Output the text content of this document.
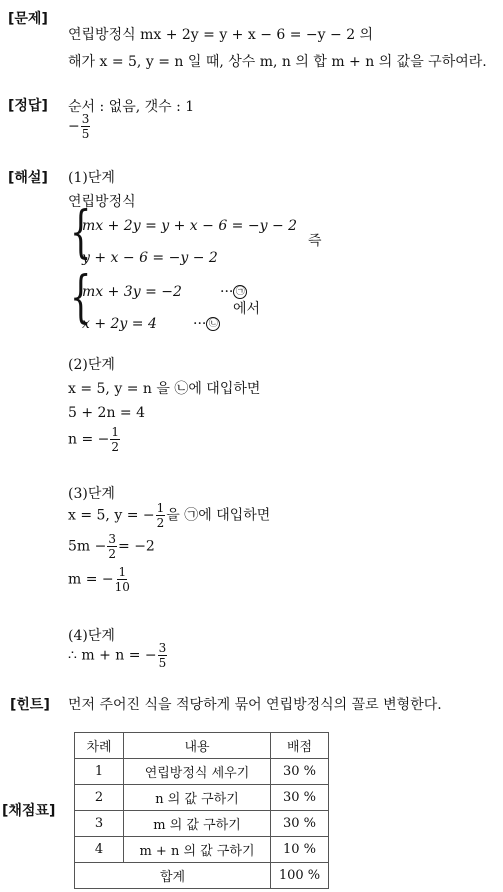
[문제]
[정답]
[해설]
[힌트]
[채점표]
연립방정식 mx + 2y = y + x − 6 = −y − 2 의
해가 x = 5, y = n 일 때, 상수 m, n 의 합 m + n 의 값을 구하여라.
순서 : 없음, 갯수 : 1
− $\frac{3}{5}$
(1)단계
연립방정식
{
mx + 2y = y + x − 6 = −y − 2
y + x − 6 = −y − 2
즉
{
mx + 3y = −2	··· ㉠
x + 2y = 4	··· ㉡
에서
(2)단계
x = 5, y = n 을 ㉡에 대입하면
5 + 2n = 4
n = − $\frac{1}{2}$
(3)단계
x = 5, y = − $\frac{1}{2}$ 을 ㉠에 대입하면
$5m - \frac{3}{2} = -2$
m = − $\frac{1}{10}$
(4)단계
∴ m + n = − $\frac{3}{5}$
먼저 주어진 식을 적당하게 묶어 연립방정식의 꼴로 변형한다.
차례	내용	배점
1	연립방정식 세우기	30 %
2	n 의 값 구하기	30 %
3	m 의 값 구하기	30 %
4	m + n 의 값 구하기	10 %
합계		100 %
